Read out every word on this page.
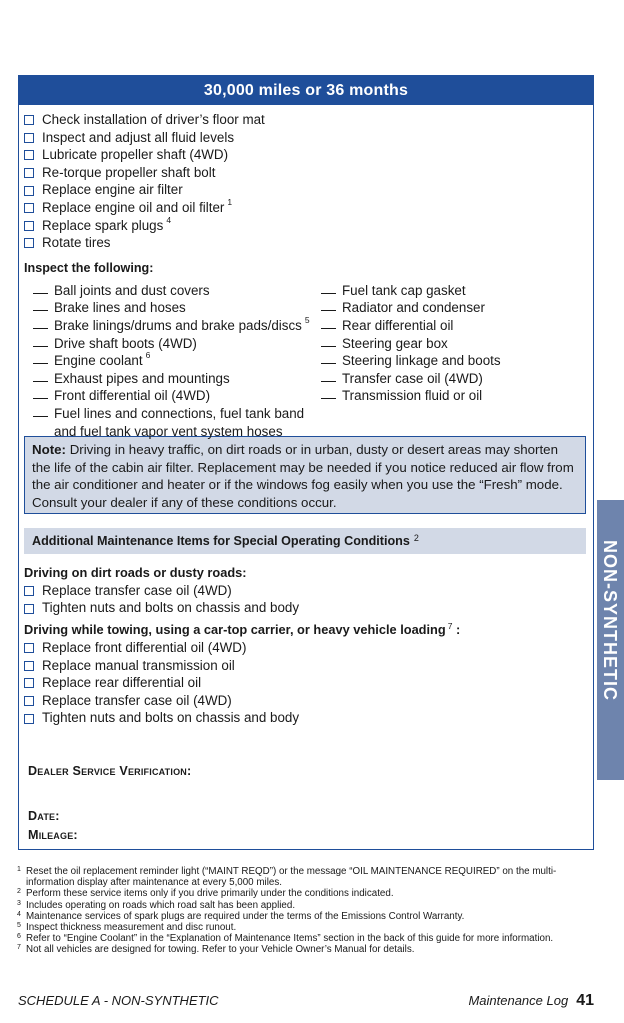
30,000 miles or 36 months
Check installation of driver’s floor mat
Inspect and adjust all fluid levels
Lubricate propeller shaft (4WD)
Re-torque propeller shaft bolt
Replace engine air filter
Replace engine oil and oil filter 1
Replace spark plugs 4
Rotate tires
Inspect the following:
Ball joints and dust covers
Brake lines and hoses
Brake linings/drums and brake pads/discs 5
Drive shaft boots (4WD)
Engine coolant 6
Exhaust pipes and mountings
Front differential oil (4WD)
Fuel lines and connections, fuel tank band
and fuel tank vapor vent system hoses
Fuel tank cap gasket
Radiator and condenser
Rear differential oil
Steering gear box
Steering linkage and boots
Transfer case oil (4WD)
Transmission fluid or oil
Note: Driving in heavy traffic, on dirt roads or in urban, dusty or desert areas may shorten the life of the cabin air filter. Replacement may be needed if you notice reduced air flow from the air conditioner and heater or if the windows fog easily when you use the “Fresh” mode. Consult your dealer if any of these conditions occur.
Additional Maintenance Items for Special Operating Conditions $^2$
Driving on dirt roads or dusty roads:
Replace transfer case oil (4WD)
Tighten nuts and bolts on chassis and body
Driving while towing, using a car-top carrier, or heavy vehicle loading $^7$ :
Replace front differential oil (4WD)
Replace manual transmission oil
Replace rear differential oil
Replace transfer case oil (4WD)
Tighten nuts and bolts on chassis and body
Dealer Service Verification:
Date:
Mileage:
1 Reset the oil replacement reminder light (“MAINT REQD”) or the message “OIL MAINTENANCE REQUIRED” on the multi-information display after maintenance at every 5,000 miles.
2 Perform these service items only if you drive primarily under the conditions indicated.
3 Includes operating on roads which road salt has been applied.
4 Maintenance services of spark plugs are required under the terms of the Emissions Control Warranty.
5 Inspect thickness measurement and disc runout.
6 Refer to “Engine Coolant” in the “Explanation of Maintenance Items” section in the back of this guide for more information.
7 Not all vehicles are designed for towing. Refer to your Vehicle Owner’s Manual for details.
SCHEDULE A - NON-SYNTHETIC	Maintenance Log 41
NON-SYNTHETIC
